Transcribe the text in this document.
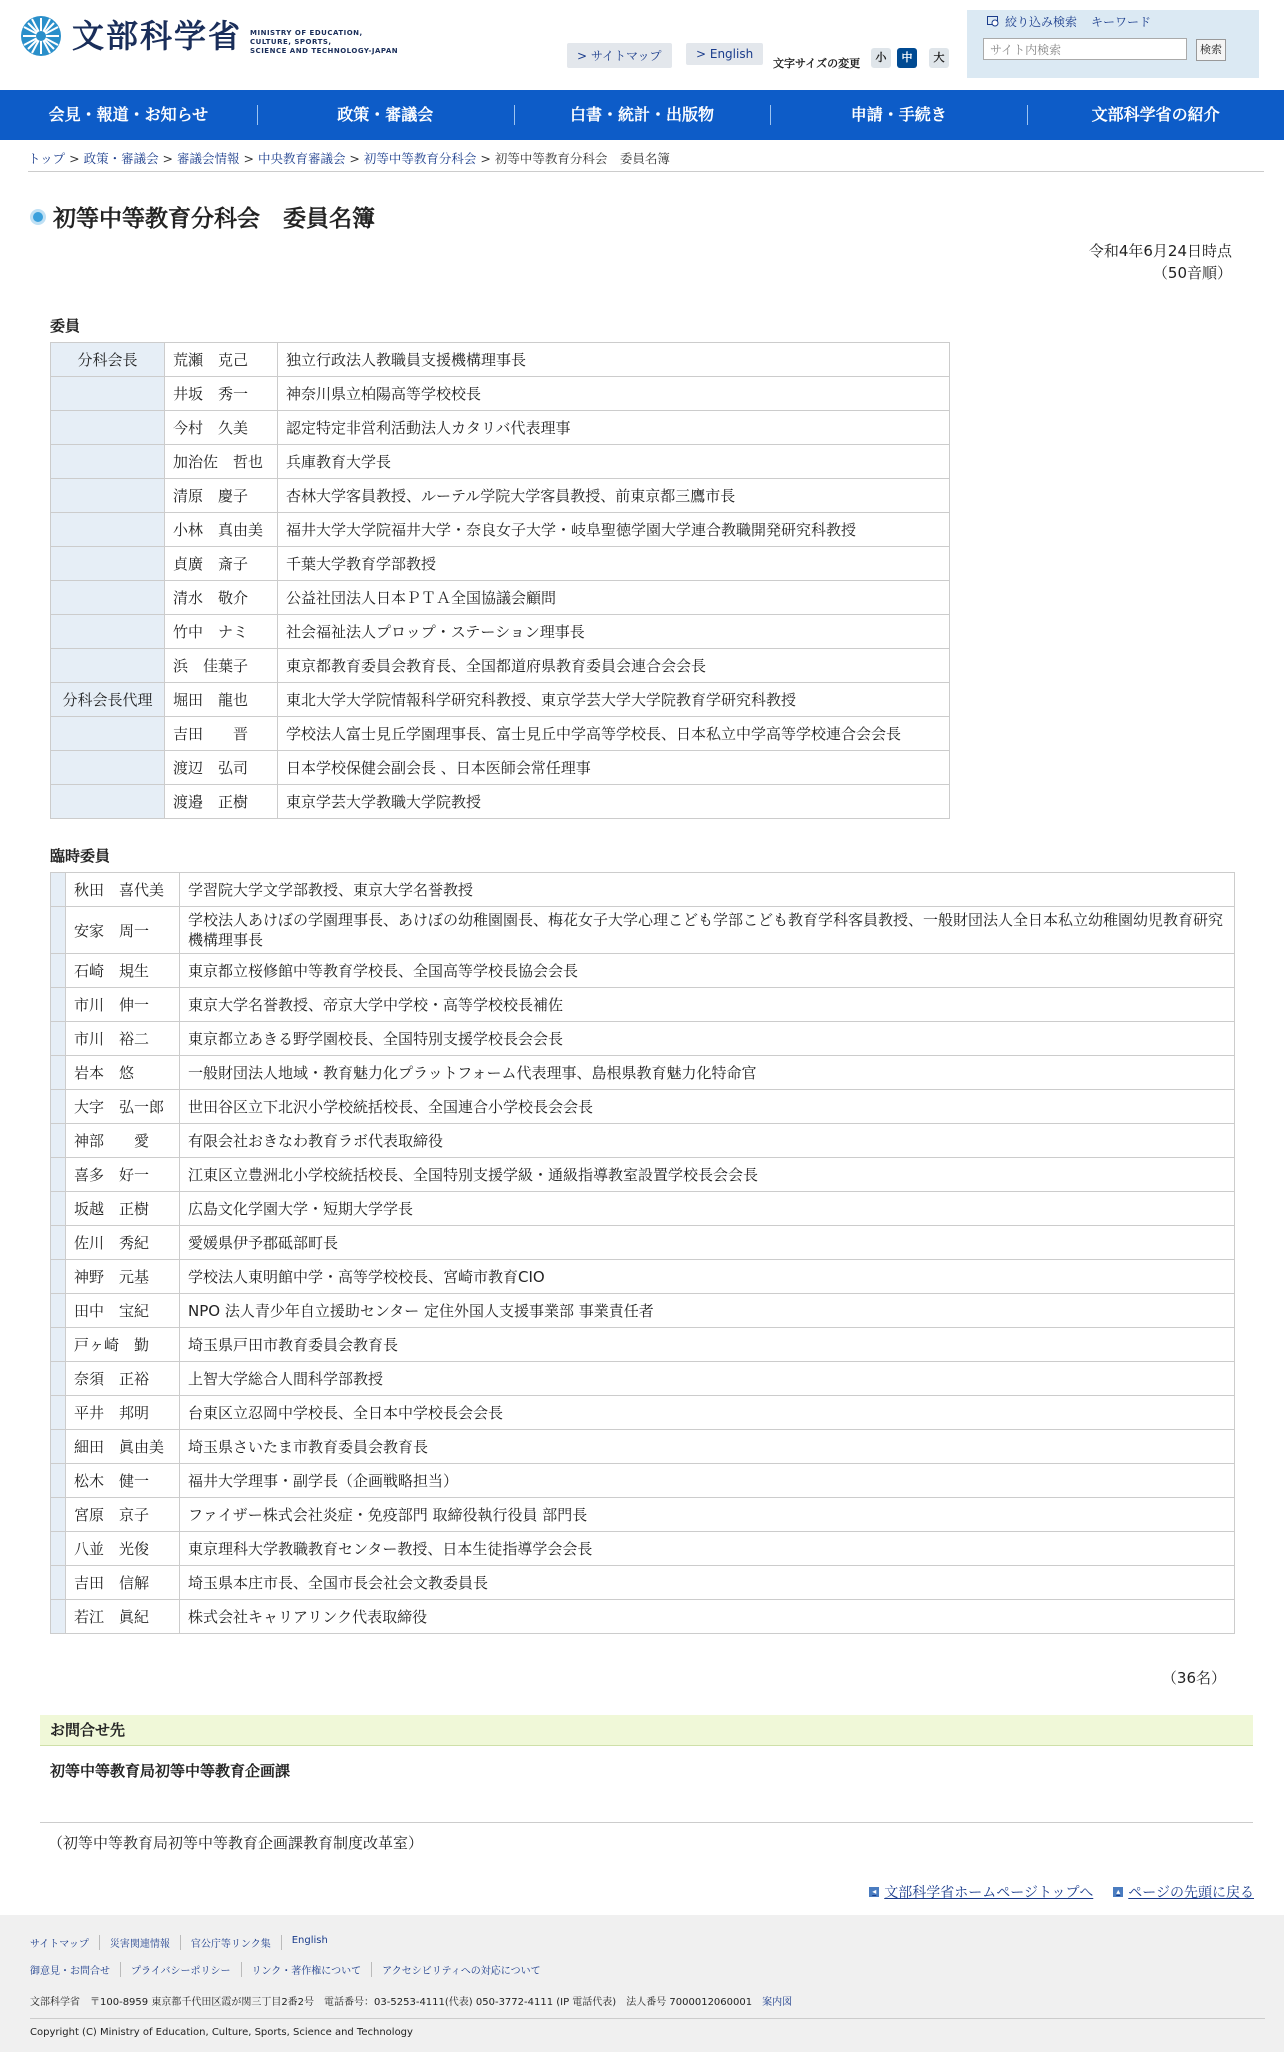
文部科学省 MINISTRY OF EDUCATION,
CULTURE, SPORTS,
SCIENCE AND TECHNOLOGY-JAPAN	> サイトマップ	> English
文字サイズの変更	小	中	大
絞り込み検索 キーワード
サイト内検索	検索
会見・報道・お知らせ	政策・審議会	白書・統計・出版物	申請・手続き	文部科学省の紹介
トップ > 政策・審議会 > 審議会情報 > 中央教育審議会 > 初等中等教育分科会 > 初等中等教育分科会　委員名簿
初等中等教育分科会　委員名簿
令和4年6月24日時点
（50音順）
委員
分科会長	荒瀬　克己	独立行政法人教職員支援機構理事長
	井坂　秀一	神奈川県立柏陽高等学校校長
	今村　久美	認定特定非営利活動法人カタリバ代表理事
	加治佐　哲也	兵庫教育大学長
	清原　慶子	杏林大学客員教授、ルーテル学院大学客員教授、前東京都三鷹市長
	小林　真由美	福井大学大学院福井大学・奈良女子大学・岐阜聖徳学園大学連合教職開発研究科教授
	貞廣　斎子	千葉大学教育学部教授
	清水　敬介	公益社団法人日本ＰＴＡ全国協議会顧問
	竹中　ナミ	社会福祉法人プロップ・ステーション理事長
	浜　佳葉子	東京都教育委員会教育長、全国都道府県教育委員会連合会会長
分科会長代理	堀田　龍也	東北大学大学院情報科学研究科教授、東京学芸大学大学院教育学研究科教授
	吉田　　晋	学校法人富士見丘学園理事長、富士見丘中学高等学校長、日本私立中学高等学校連合会会長
	渡辺　弘司	日本学校保健会副会長 、日本医師会常任理事
	渡邉　正樹	東京学芸大学教職大学院教授
臨時委員
	秋田　喜代美	学習院大学文学部教授、東京大学名誉教授
	安家　周一	学校法人あけぼの学園理事長、あけぼの幼稚園園長、梅花女子大学心理こども学部こども教育学科客員教授、一般財団法人全日本私立幼稚園幼児教育研究機構理事長
	石崎　規生	東京都立桜修館中等教育学校長、全国高等学校長協会会長
	市川　伸一	東京大学名誉教授、帝京大学中学校・高等学校校長補佐
	市川　裕二	東京都立あきる野学園校長、全国特別支援学校長会会長
	岩本　悠	一般財団法人地域・教育魅力化プラットフォーム代表理事、島根県教育魅力化特命官
	大字　弘一郎	世田谷区立下北沢小学校統括校長、全国連合小学校長会会長
	神部　　愛	有限会社おきなわ教育ラボ代表取締役
	喜多　好一	江東区立豊洲北小学校統括校長、全国特別支援学級・通級指導教室設置学校長会会長
	坂越　正樹	広島文化学園大学・短期大学学長
	佐川　秀紀	愛媛県伊予郡砥部町長
	神野　元基	学校法人東明館中学・高等学校校長、宮崎市教育CIO
	田中　宝紀	NPO 法人青少年自立援助センター 定住外国人支援事業部 事業責任者
	戸ヶ崎　勤	埼玉県戸田市教育委員会教育長
	奈須　正裕	上智大学総合人間科学部教授
	平井　邦明	台東区立忍岡中学校長、全日本中学校長会会長
	細田　眞由美	埼玉県さいたま市教育委員会教育長
	松木　健一	福井大学理事・副学長（企画戦略担当）
	宮原　京子	ファイザー株式会社炎症・免疫部門 取締役執行役員 部門長
	八並　光俊	東京理科大学教職教育センター教授、日本生徒指導学会会長
	吉田　信解	埼玉県本庄市長、全国市長会社会文教委員長
	若江　眞紀	株式会社キャリアリンク代表取締役
（36名）
お問合せ先
初等中等教育局初等中等教育企画課
（初等中等教育局初等中等教育企画課教育制度改革室）
◂ 文部科学省ホームページトップへ	▴ ページの先頭に戻る
サイトマップ	災害関連情報	官公庁等リンク集	English
御意見・お問合せ	プライバシーポリシー	リンク・著作権について	アクセシビリティへの対応について
文部科学省　〒100-8959 東京都千代田区霞が関三丁目2番2号　電話番号：03-5253-4111(代表) 050-3772-4111 (IP 電話代表)　法人番号 7000012060001　 案内図
Copyright (C) Ministry of Education, Culture, Sports, Science and Technology
